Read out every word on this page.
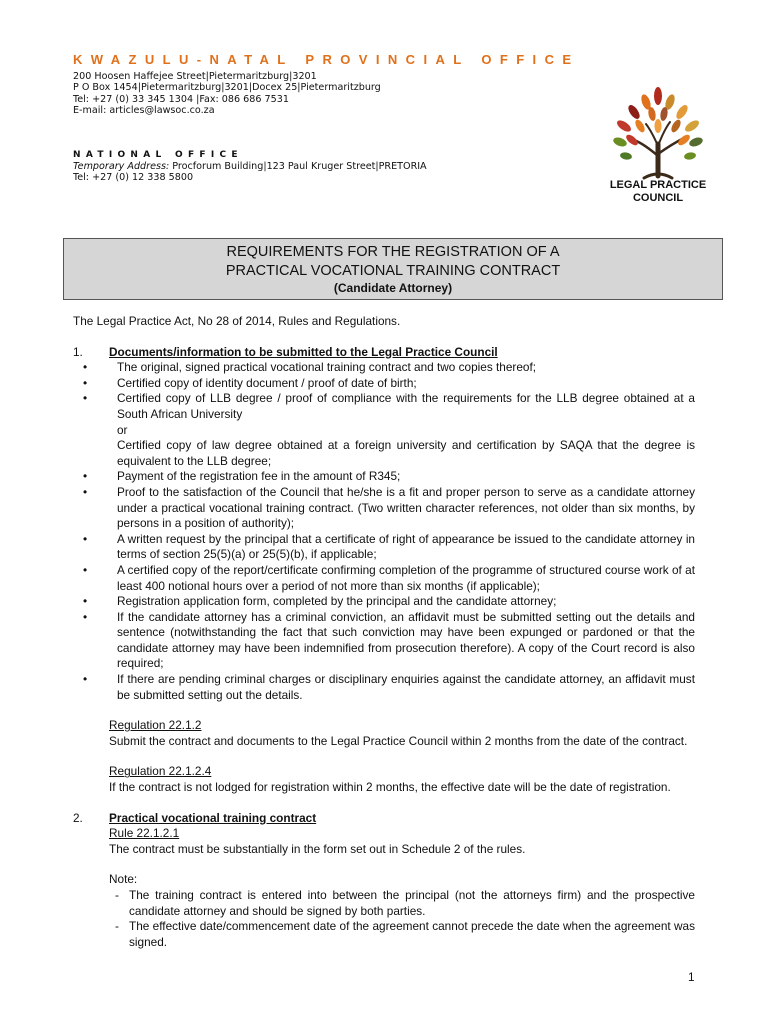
KWAZULU-NATAL PROVINCIAL OFFICE
200 Hoosen Haffejee Street|Pietermaritzburg|3201
P O Box 1454|Pietermaritzburg|3201|Docex 25|Pietermaritzburg
Tel: +27 (0) 33 345 1304 |Fax: 086 686 7531
E-mail: articles@lawsoc.co.za
NATIONAL OFFICE
Temporary Address: Procforum Building|123 Paul Kruger Street|PRETORIA
Tel: +27 (0) 12 338 5800
LEGAL PRACTICE
COUNCIL
REQUIREMENTS FOR THE REGISTRATION OF A
PRACTICAL VOCATIONAL TRAINING CONTRACT
(Candidate Attorney)

The Legal Practice Act, No 28 of 2014, Rules and Regulations.

1. Documents/information to be submitted to the Legal Practice Council
•	The original, signed practical vocational training contract and two copies thereof;
•	Certified copy of identity document / proof of date of birth;
•	Certified copy of LLB degree / proof of compliance with the requirements for the LLB degree obtained at a South African University
or
Certified copy of law degree obtained at a foreign university and certification by SAQA that the degree is equivalent to the LLB degree;
•	Payment of the registration fee in the amount of R345;
•	Proof to the satisfaction of the Council that he/she is a fit and proper person to serve as a candidate attorney under a practical vocational training contract. (Two written character references, not older than six months, by persons in a position of authority);
•	A written request by the principal that a certificate of right of appearance be issued to the candidate attorney in terms of section 25(5)(a) or 25(5)(b), if applicable;
•	A certified copy of the report/certificate confirming completion of the programme of structured course work of at least 400 notional hours over a period of not more than six months (if applicable);
•	Registration application form, completed by the principal and the candidate attorney;
•	If the candidate attorney has a criminal conviction, an affidavit must be submitted setting out the details and sentence (notwithstanding the fact that such conviction may have been expunged or pardoned or that the candidate attorney may have been indemnified from prosecution therefore). A copy of the Court record is also required;
•	If there are pending criminal charges or disciplinary enquiries against the candidate attorney, an affidavit must be submitted setting out the details.
Regulation 22.1.2
Submit the contract and documents to the Legal Practice Council within 2 months from the date of the contract.
Regulation 22.1.2.4
If the contract is not lodged for registration within 2 months, the effective date will be the date of registration.
2. Practical vocational training contract
Rule 22.1.2.1
The contract must be substantially in the form set out in Schedule 2 of the rules.
Note:
- The training contract is entered into between the principal (not the attorneys firm) and the prospective candidate attorney and should be signed by both parties.
- The effective date/commencement date of the agreement cannot precede the date when the agreement was signed.
1
